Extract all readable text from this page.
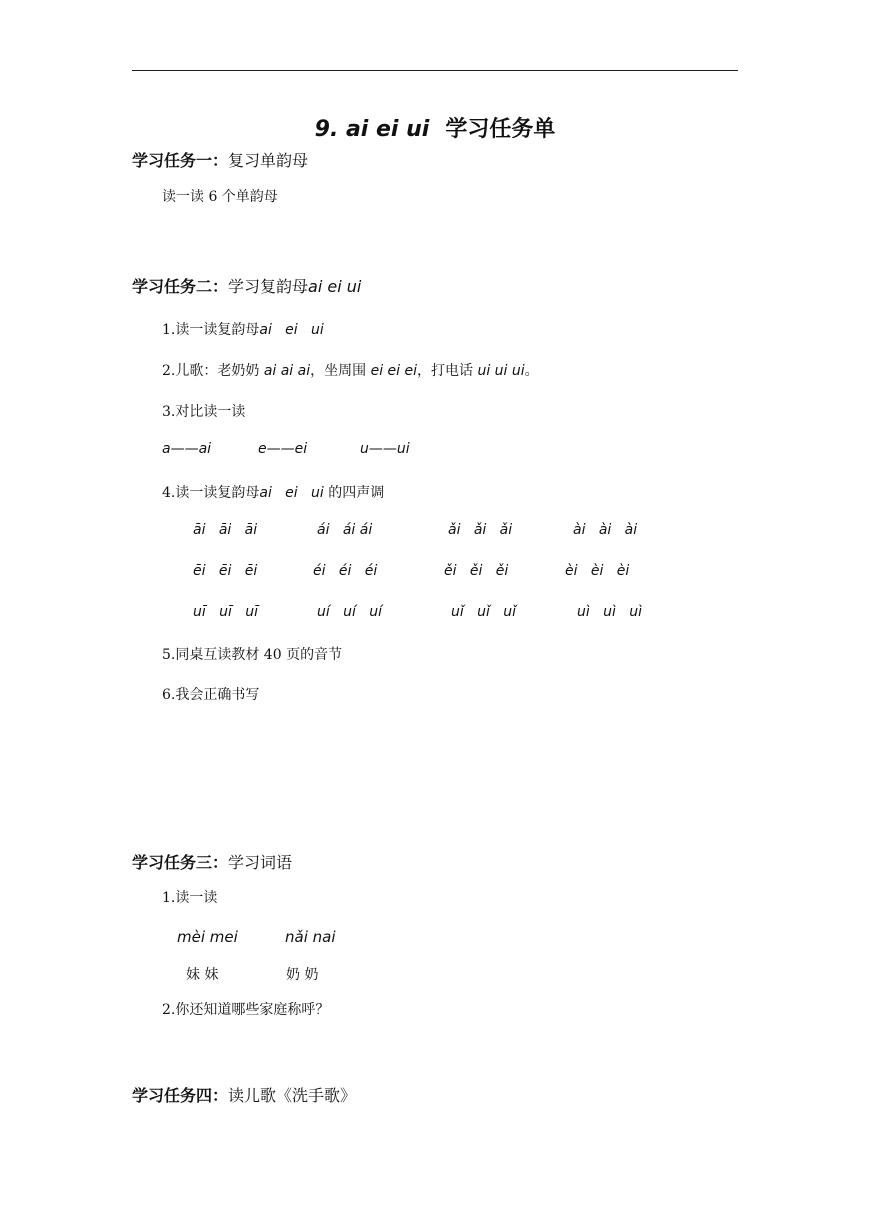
9. ai ei ui 学习任务单
学习任务一：复习单韵母
读一读 6 个单韵母
学习任务二：学习复韵母ai ei ui
1.读一读复韵母ai   ei   ui
2.儿歌：老奶奶 ai ai ai，坐周围 ei ei ei，打电话 ui ui ui。
3.对比读一读
a——ai	e——ei	u——ui
4.读一读复韵母ai   ei   ui 的四声调
āi   āi   āi	ái   ái ái	ǎi   ǎi   ǎi	ài   ài   ài
ēi   ēi   ēi	éi   éi   éi	ěi   ěi   ěi	èi   èi   èi
uī   uī   uī	uí   uí   uí	uǐ   uǐ   uǐ	uì   uì   uì
5.同桌互读教材 40 页的音节
6.我会正确书写
学习任务三：学习词语
1.读一读
mèi mei	nǎi nai
妹 妹	奶 奶
2.你还知道哪些家庭称呼？
学习任务四：读儿歌《洗手歌》
